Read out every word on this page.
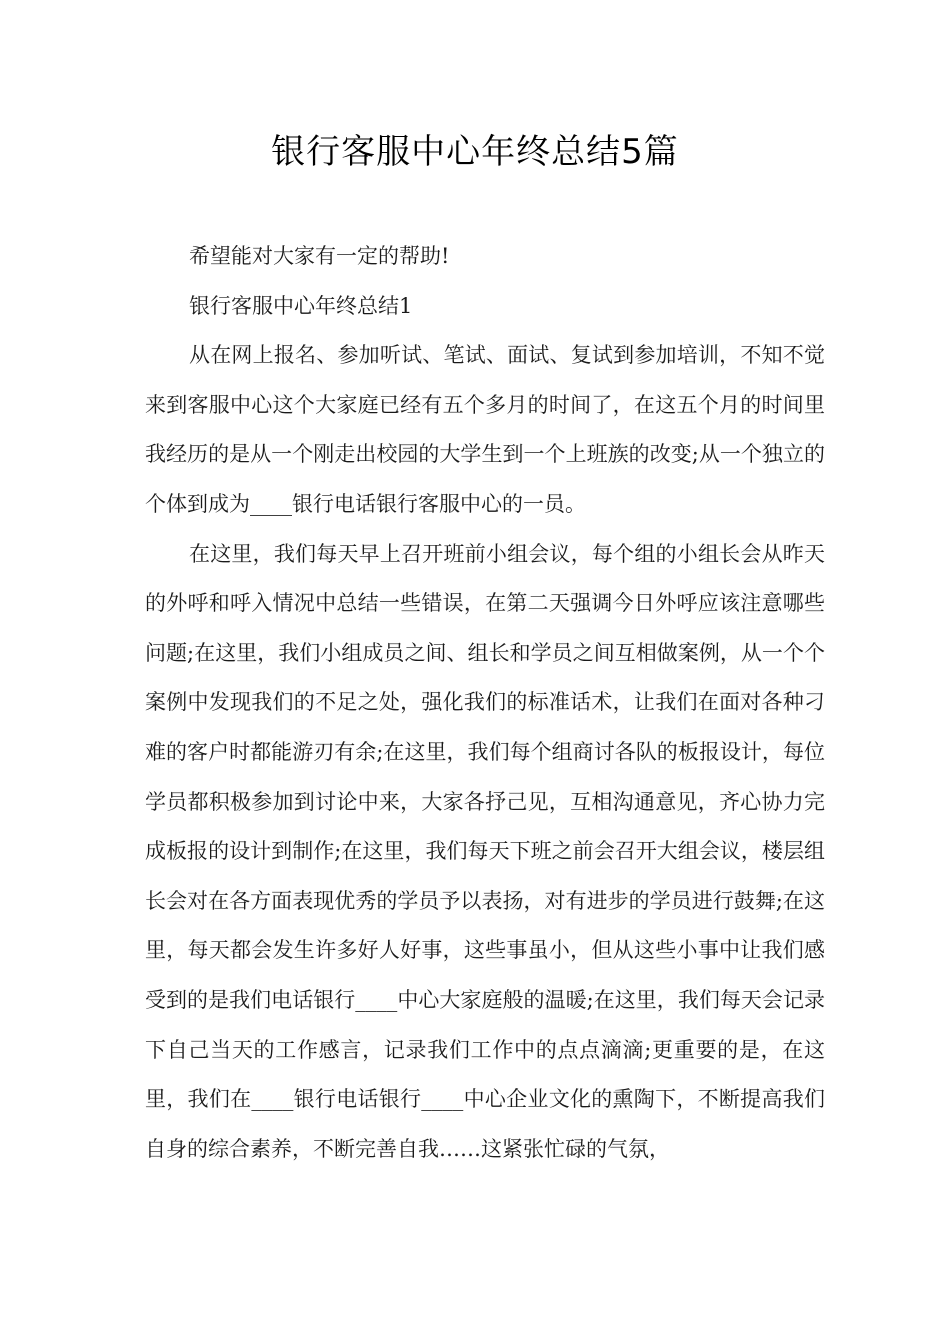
银行客服中心年终总结5篇

希望能对大家有一定的帮助!

银行客服中心年终总结1

从在网上报名、参加听试、笔试、面试、复试到参加培训，不知不觉来到客服中心这个大家庭已经有五个多月的时间了，在这五个月的时间里我经历的是从一个刚走出校园的大学生到一个上班族的改变;从一个独立的个体到成为____银行电话银行客服中心的一员。

在这里，我们每天早上召开班前小组会议，每个组的小组长会从昨天的外呼和呼入情况中总结一些错误，在第二天强调今日外呼应该注意哪些问题;在这里，我们小组成员之间、组长和学员之间互相做案例，从一个个案例中发现我们的不足之处，强化我们的标准话术，让我们在面对各种刁难的客户时都能游刃有余;在这里，我们每个组商讨各队的板报设计，每位学员都积极参加到讨论中来，大家各抒己见，互相沟通意见，齐心协力完成板报的设计到制作;在这里，我们每天下班之前会召开大组会议，楼层组长会对在各方面表现优秀的学员予以表扬，对有进步的学员进行鼓舞;在这里，每天都会发生许多好人好事，这些事虽小，但从这些小事中让我们感受到的是我们电话银行____中心大家庭般的温暖;在这里，我们每天会记录下自己当天的工作感言，记录我们工作中的点点滴滴;更重要的是，在这里，我们在____银行电话银行____中心企业文化的熏陶下，不断提高我们自身的综合素养，不断完善自我……这紧张忙碌的气氛，
